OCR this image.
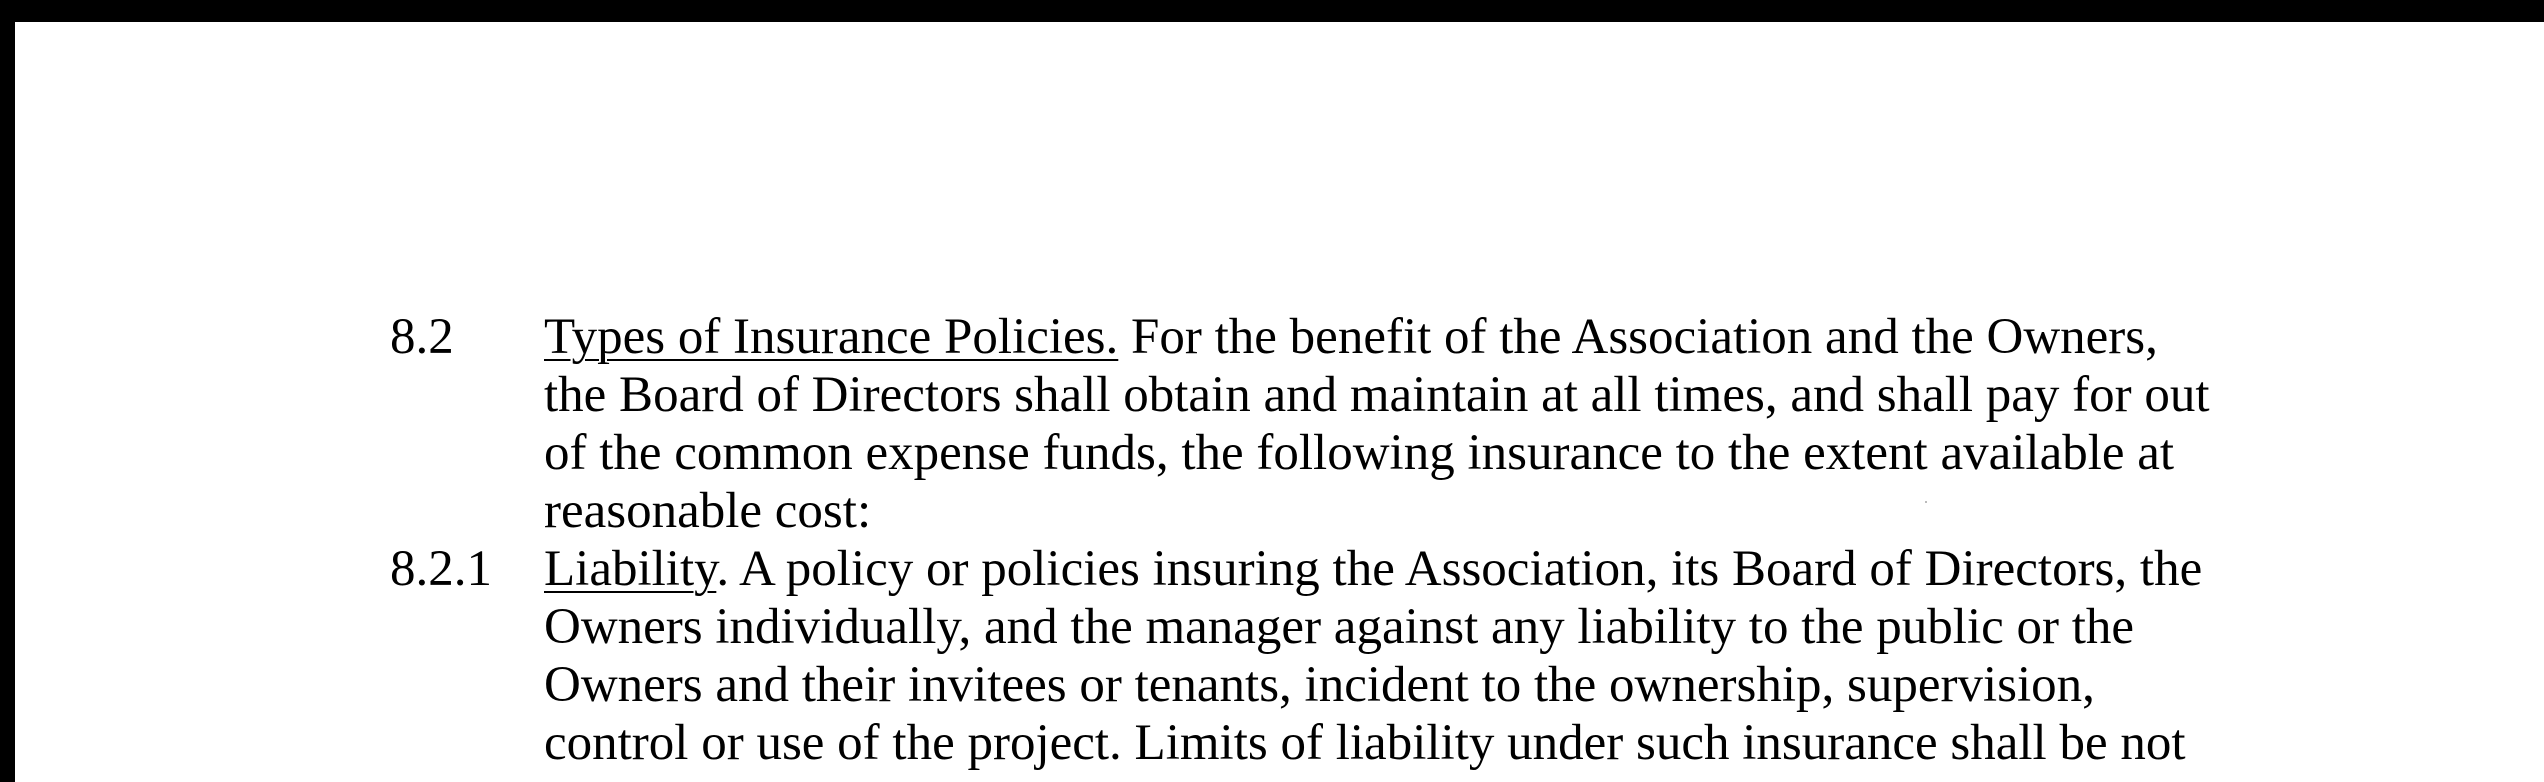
8.2 Types of Insurance Policies. For the benefit of the Association and the Owners,
the Board of Directors shall obtain and maintain at all times, and shall pay for out
of the common expense funds, the following insurance to the extent available at
reasonable cost:
8.2.1 Liability. A policy or policies insuring the Association, its Board of Directors, the
Owners individually, and the manager against any liability to the public or the
Owners and their invitees or tenants, incident to the ownership, supervision,
control or use of the project. Limits of liability under such insurance shall be not
